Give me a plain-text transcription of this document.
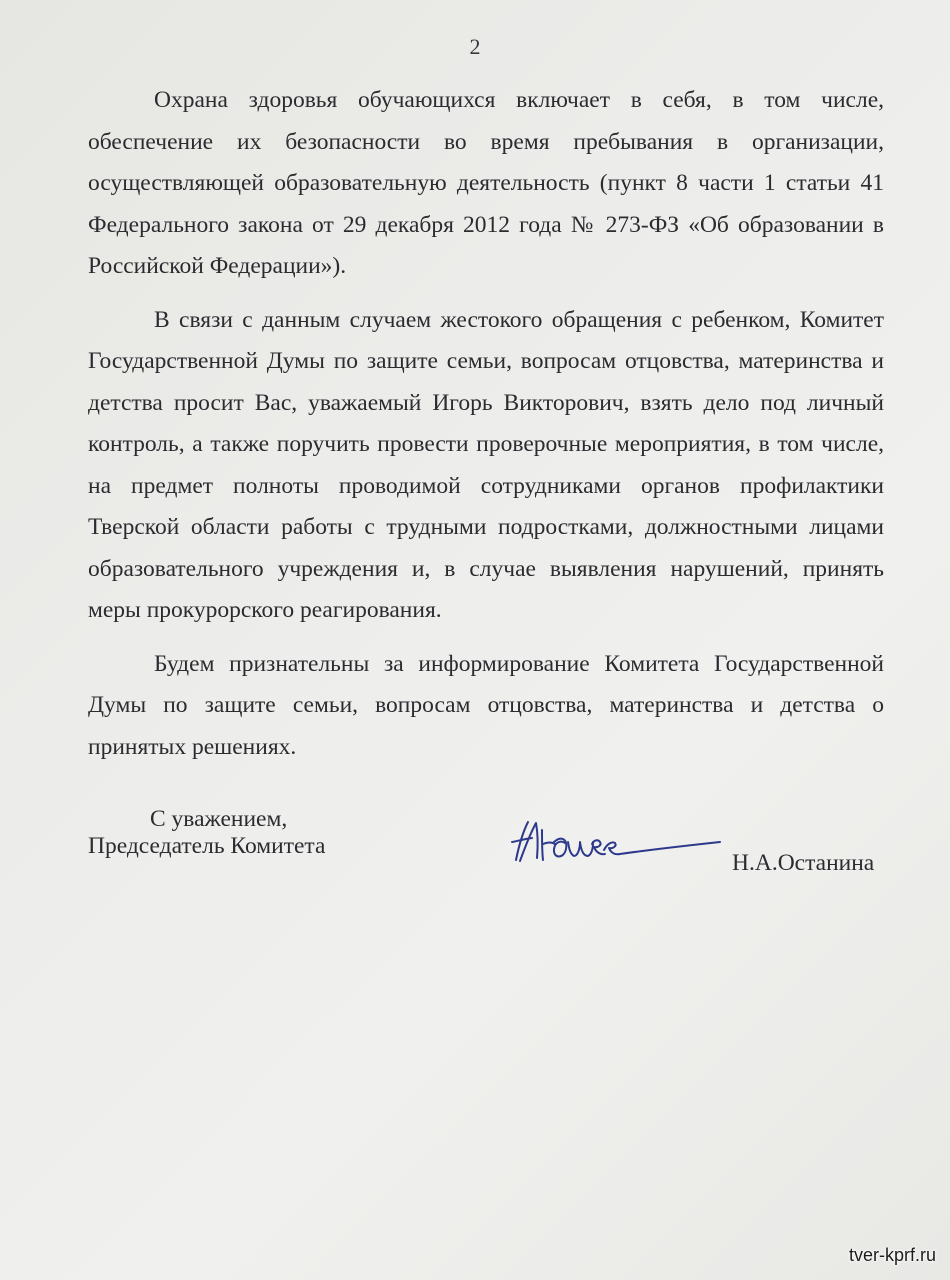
2

Охрана здоровья обучающихся включает в себя, в том числе, обеспечение их безопасности во время пребывания в организации, осуществляющей образовательную деятельность (пункт 8 части 1 статьи 41 Федерального закона от 29 декабря 2012 года № 273-ФЗ «Об образовании в Российской Федерации»).

В связи с данным случаем жестокого обращения с ребенком, Комитет Государственной Думы по защите семьи, вопросам отцовства, материнства и детства просит Вас, уважаемый Игорь Викторович, взять дело под личный контроль, а также поручить провести проверочные мероприятия, в том числе, на предмет полноты проводимой сотрудниками органов профилактики Тверской области работы с трудными подростками, должностными лицами образовательного учреждения и, в случае выявления нарушений, принять меры прокурорского реагирования.

Будем признательны за информирование Комитета Государственной Думы по защите семьи, вопросам отцовства, материнства и детства о принятых решениях.

С уважением,
Председатель Комитета
Н.А.Останина
tver-kprf.ru
